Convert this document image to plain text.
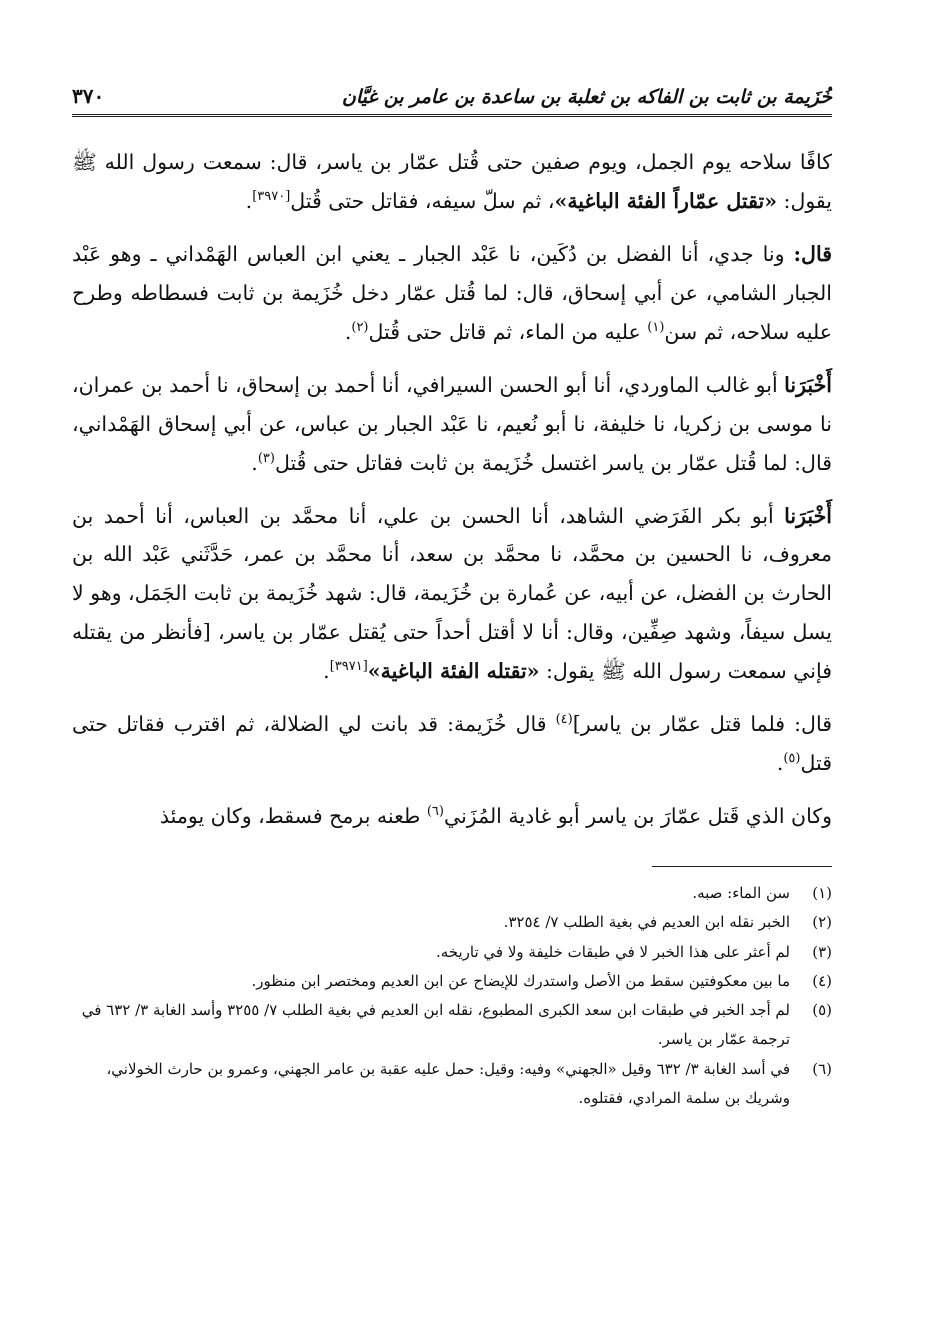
خُزَيمة بن ثابت بن الفاكه بن ثعلبة بن ساعدة بن عامر بن غيَّان
٣٧٠

كافًا سلاحه يوم الجمل، ويوم صفين حتى قُتل عمّار بن ياسر، قال: سمعت رسول الله ﷺ يقول: «تقتل عمّاراً الفئة الباغية»، ثم سلّ سيفه، فقاتل حتى قُتل[٣٩٧٠].

قال: ونا جدي، أنا الفضل بن دُكَين، نا عَبْد الجبار ـ يعني ابن العباس الهَمْداني ـ وهو عَبْد الجبار الشامي، عن أبي إسحاق، قال: لما قُتل عمّار دخل خُزَيمة بن ثابت فسطاطه وطرح عليه سلاحه، ثم سن$^{(١)}$ عليه من الماء، ثم قاتل حتى قُتل$^{(٢)}$.

أَخْبَرَنا أبو غالب الماوردي، أنا أبو الحسن السيرافي، أنا أحمد بن إسحاق، نا أحمد بن عمران، نا موسى بن زكريا، نا خليفة، نا أبو نُعيم، نا عَبْد الجبار بن عباس، عن أبي إسحاق الهَمْداني، قال: لما قُتل عمّار بن ياسر اغتسل خُزَيمة بن ثابت فقاتل حتى قُتل$^{(٣)}$.

أَخْبَرَنا أبو بكر الفَرَضي الشاهد، أنا الحسن بن علي، أنا محمَّد بن العباس، أنا أحمد بن معروف، نا الحسين بن محمَّد، نا محمَّد بن سعد، أنا محمَّد بن عمر، حَدَّثَني عَبْد الله بن الحارث بن الفضل، عن أبيه، عن عُمارة بن خُزَيمة، قال: شهد خُزَيمة بن ثابت الجَمَل، وهو لا يسل سيفاً، وشهد صِفِّين، وقال: أنا لا أقتل أحداً حتى يُقتل عمّار بن ياسر، [فأنظر من يقتله فإني سمعت رسول الله ﷺ يقول: «تقتله الفئة الباغية»[٣٩٧١].

قال: فلما قتل عمّار بن ياسر]$^{(٤)}$ قال خُزَيمة: قد بانت لي الضلالة، ثم اقترب فقاتل حتى قتل$^{(٥)}$.

وكان الذي قَتل عمّارَ بن ياسر أبو غادية المُزَني$^{(٦)}$ طعنه برمح فسقط، وكان يومئذ

(١)
سن الماء: صبه.
(٢)
الخبر نقله ابن العديم في بغية الطلب ٧/ ٣٢٥٤.
(٣)
لم أعثر على هذا الخبر لا في طبقات خليفة ولا في تاريخه.
(٤)
ما بين معكوفتين سقط من الأصل واستدرك للإيضاح عن ابن العديم ومختصر ابن منظور.
(٥)
لم أجد الخبر في طبقات ابن سعد الكبرى المطبوع، نقله ابن العديم في بغية الطلب ٧/ ٣٢٥٥ وأسد الغابة ٣/ ٦٣٢ في ترجمة عمّار بن ياسر.
(٦)
في أسد الغابة ٣/ ٦٣٢ وقيل «الجهني» وفيه: وقيل: حمل عليه عقبة بن عامر الجهني، وعمرو بن حارث الخولاني، وشريك بن سلمة المرادي، فقتلوه.
